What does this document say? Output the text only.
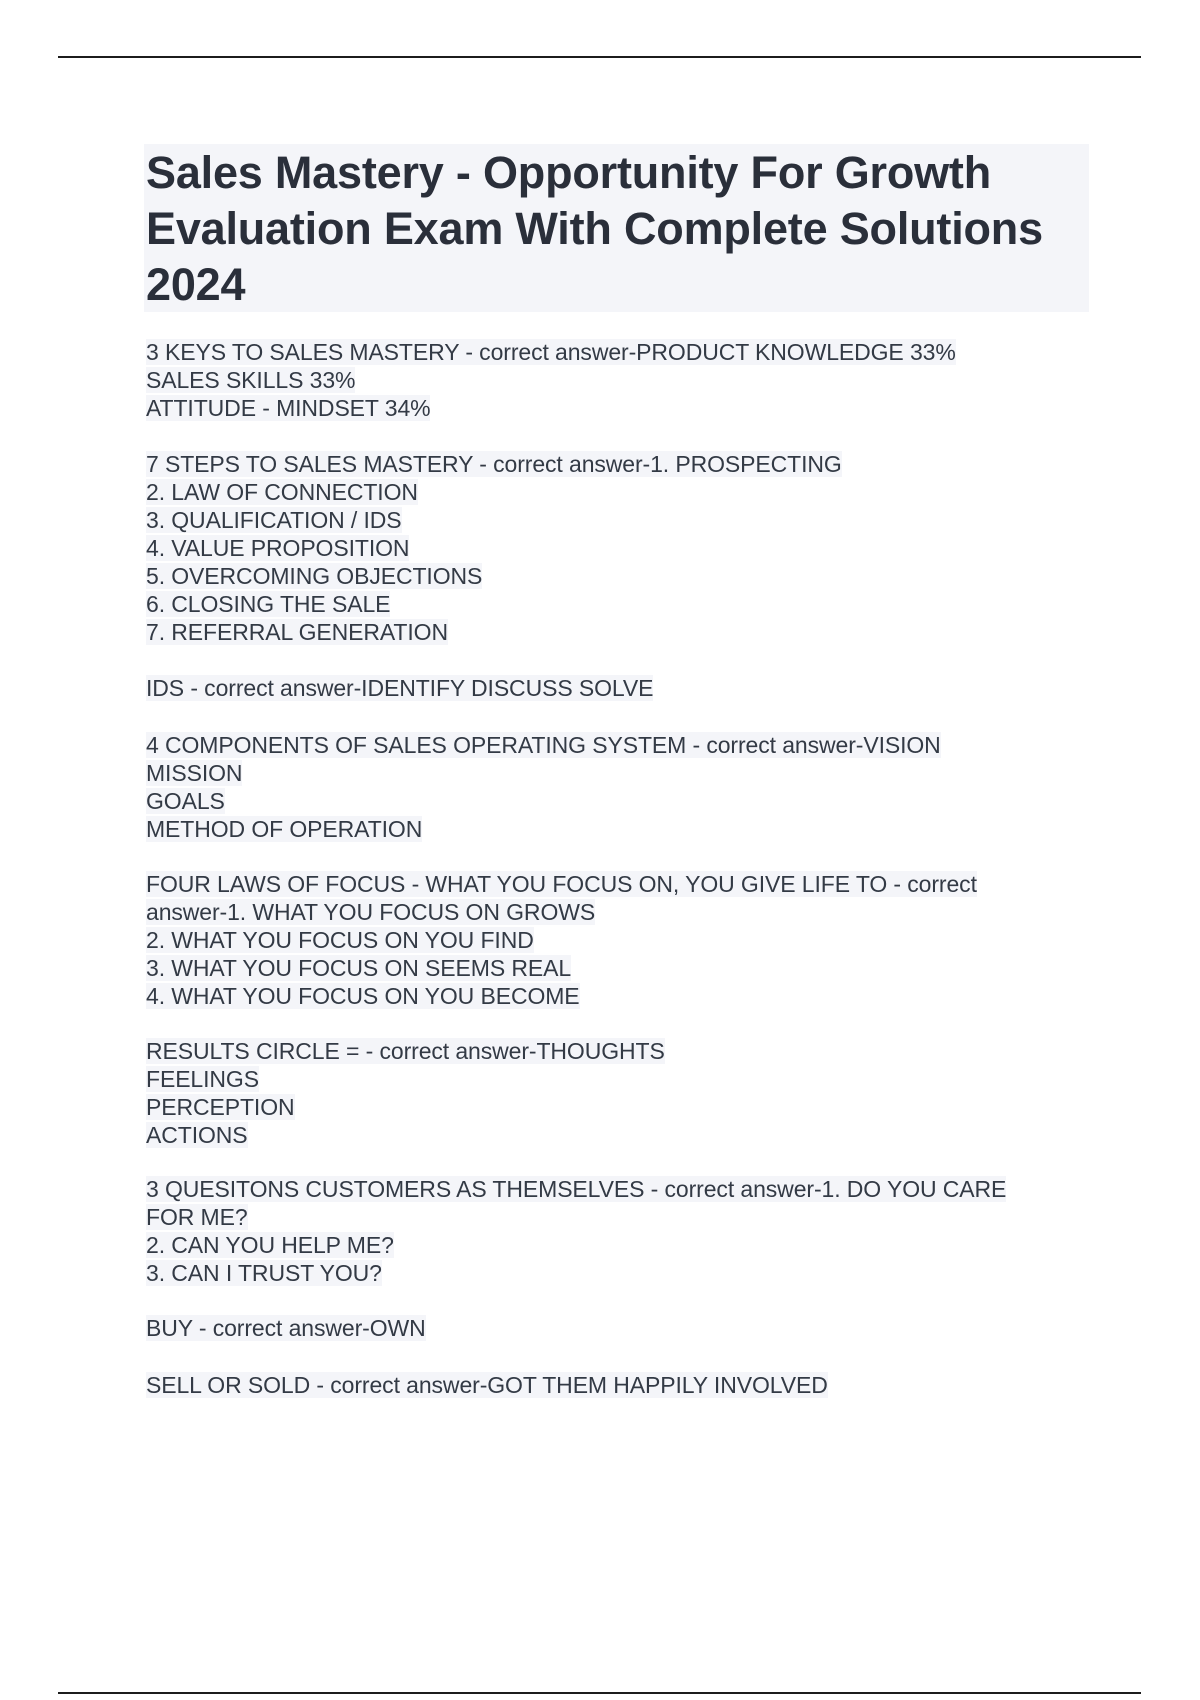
Sales Mastery - Opportunity For Growth Evaluation Exam With Complete Solutions 2024

3 KEYS TO SALES MASTERY - correct answer-PRODUCT KNOWLEDGE 33%
SALES SKILLS 33%
ATTITUDE - MINDSET 34%

7 STEPS TO SALES MASTERY - correct answer-1. PROSPECTING
2. LAW OF CONNECTION
3. QUALIFICATION / IDS
4. VALUE PROPOSITION
5. OVERCOMING OBJECTIONS
6. CLOSING THE SALE
7. REFERRAL GENERATION

IDS - correct answer-IDENTIFY DISCUSS SOLVE

4 COMPONENTS OF SALES OPERATING SYSTEM - correct answer-VISION
MISSION
GOALS
METHOD OF OPERATION

FOUR LAWS OF FOCUS - WHAT YOU FOCUS ON, YOU GIVE LIFE TO - correct
answer-1. WHAT YOU FOCUS ON GROWS
2. WHAT YOU FOCUS ON YOU FIND
3. WHAT YOU FOCUS ON SEEMS REAL
4. WHAT YOU FOCUS ON YOU BECOME

RESULTS CIRCLE = - correct answer-THOUGHTS
FEELINGS
PERCEPTION
ACTIONS

3 QUESITONS CUSTOMERS AS THEMSELVES - correct answer-1. DO YOU CARE
FOR ME?
2. CAN YOU HELP ME?
3. CAN I TRUST YOU?

BUY - correct answer-OWN

SELL OR SOLD - correct answer-GOT THEM HAPPILY INVOLVED
